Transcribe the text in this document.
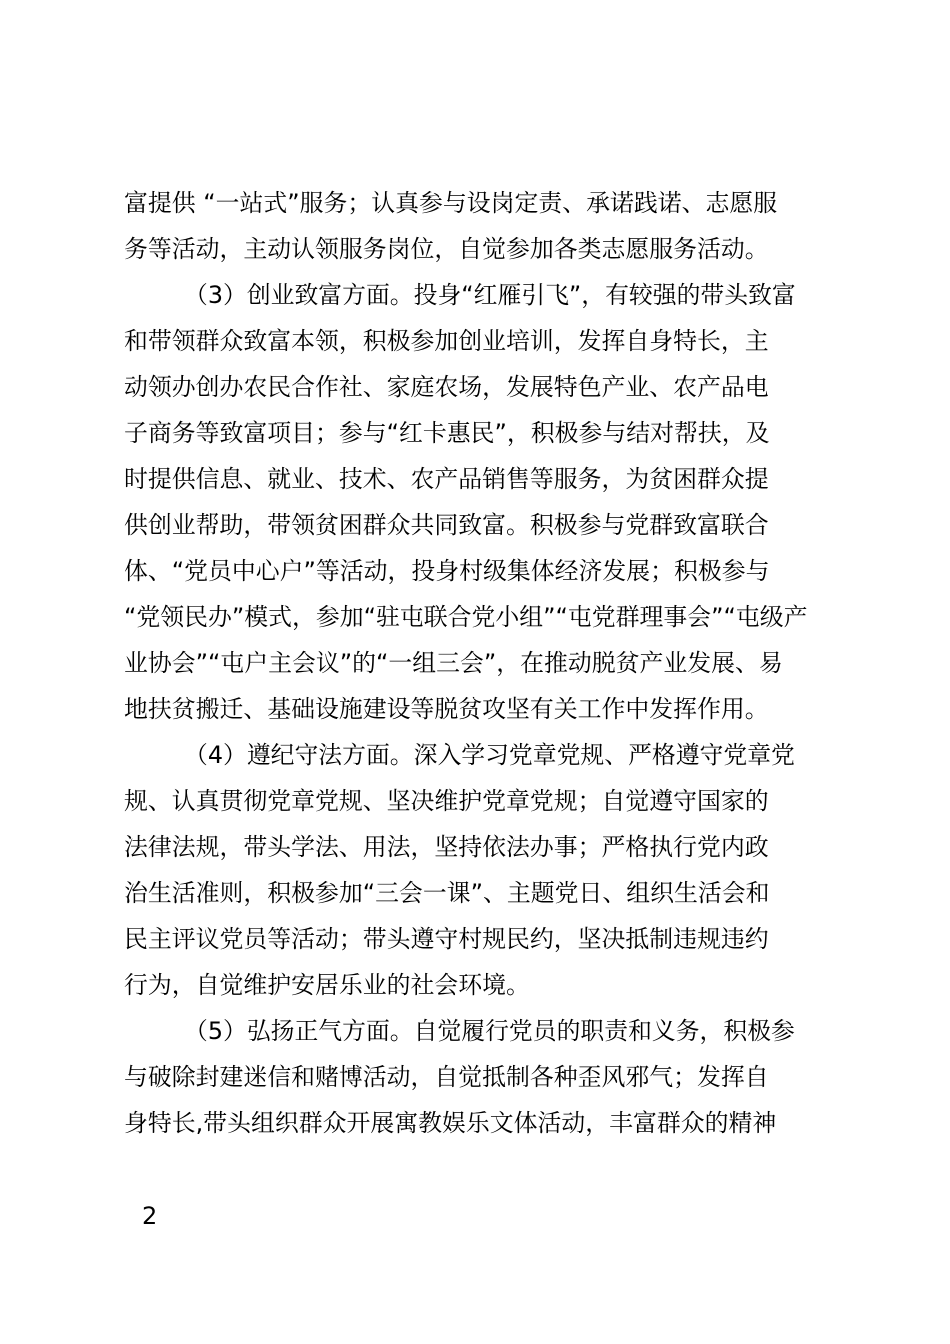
富提供 “一站式”服务；认真参与设岗定责、承诺践诺、志愿服
务等活动，主动认领服务岗位，自觉参加各类志愿服务活动。
（3）创业致富方面。投身“红雁引飞”，有较强的带头致富
和带领群众致富本领，积极参加创业培训，发挥自身特长，主
动领办创办农民合作社、家庭农场，发展特色产业、农产品电
子商务等致富项目；参与“红卡惠民”，积极参与结对帮扶，及
时提供信息、就业、技术、农产品销售等服务，为贫困群众提
供创业帮助，带领贫困群众共同致富。积极参与党群致富联合
体、“党员中心户”等活动，投身村级集体经济发展；积极参与
“党领民办”模式，参加“驻屯联合党小组”“屯党群理事会”“屯级产
业协会”“屯户主会议”的“一组三会”，在推动脱贫产业发展、易
地扶贫搬迁、基础设施建设等脱贫攻坚有关工作中发挥作用。
（4）遵纪守法方面。深入学习党章党规、严格遵守党章党
规、认真贯彻党章党规、坚决维护党章党规；自觉遵守国家的
法律法规，带头学法、用法，坚持依法办事；严格执行党内政
治生活准则，积极参加“三会一课”、主题党日、组织生活会和
民主评议党员等活动；带头遵守村规民约，坚决抵制违规违约
行为，自觉维护安居乐业的社会环境。
（5）弘扬正气方面。自觉履行党员的职责和义务，积极参
与破除封建迷信和赌博活动，自觉抵制各种歪风邪气；发挥自
身特长,带头组织群众开展寓教娱乐文体活动，丰富群众的精神
2
